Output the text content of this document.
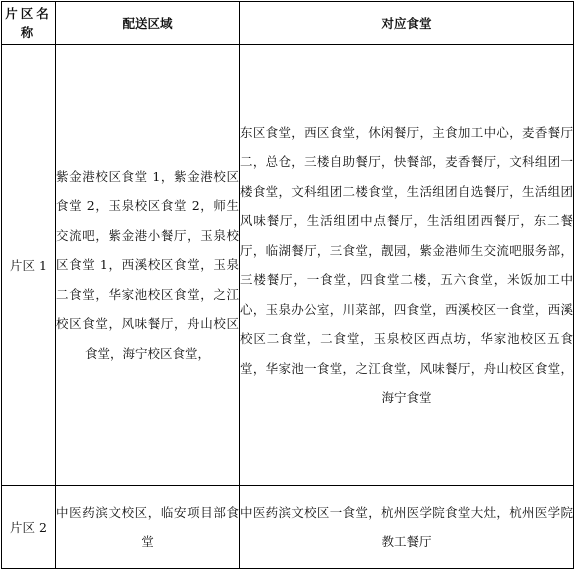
片区名称	配送区域	对应食堂
片区 1	紫金港校区食堂 1，紫金港校区食堂 2，玉泉校区食堂 2，师生交流吧，紫金港小餐厅，玉泉校区食堂 1，西溪校区食堂，玉泉二食堂，华家池校区食堂，之江校区食堂，风味餐厅，舟山校区食堂，海宁校区食堂，	东区食堂，西区食堂，休闲餐厅，主食加工中心，麦香餐厅二，总仓，三楼自助餐厅，快餐部，麦香餐厅，文科组团一楼食堂，文科组团二楼食堂，生活组团自选餐厅，生活组团风味餐厅，生活组团中点餐厅，生活组团西餐厅，东二餐厅，临湖餐厅，三食堂，靓园，紫金港师生交流吧服务部，三楼餐厅，一食堂，四食堂二楼，五六食堂，米饭加工中心，玉泉办公室，川菜部，四食堂，西溪校区一食堂，西溪校区二食堂，二食堂，玉泉校区西点坊，华家池校区五食堂，华家池一食堂，之江食堂，风味餐厅，舟山校区食堂，海宁食堂
片区 2	中医药滨文校区，临安项目部食堂	中医药滨文校区一食堂，杭州医学院食堂大灶，杭州医学院教工餐厅
